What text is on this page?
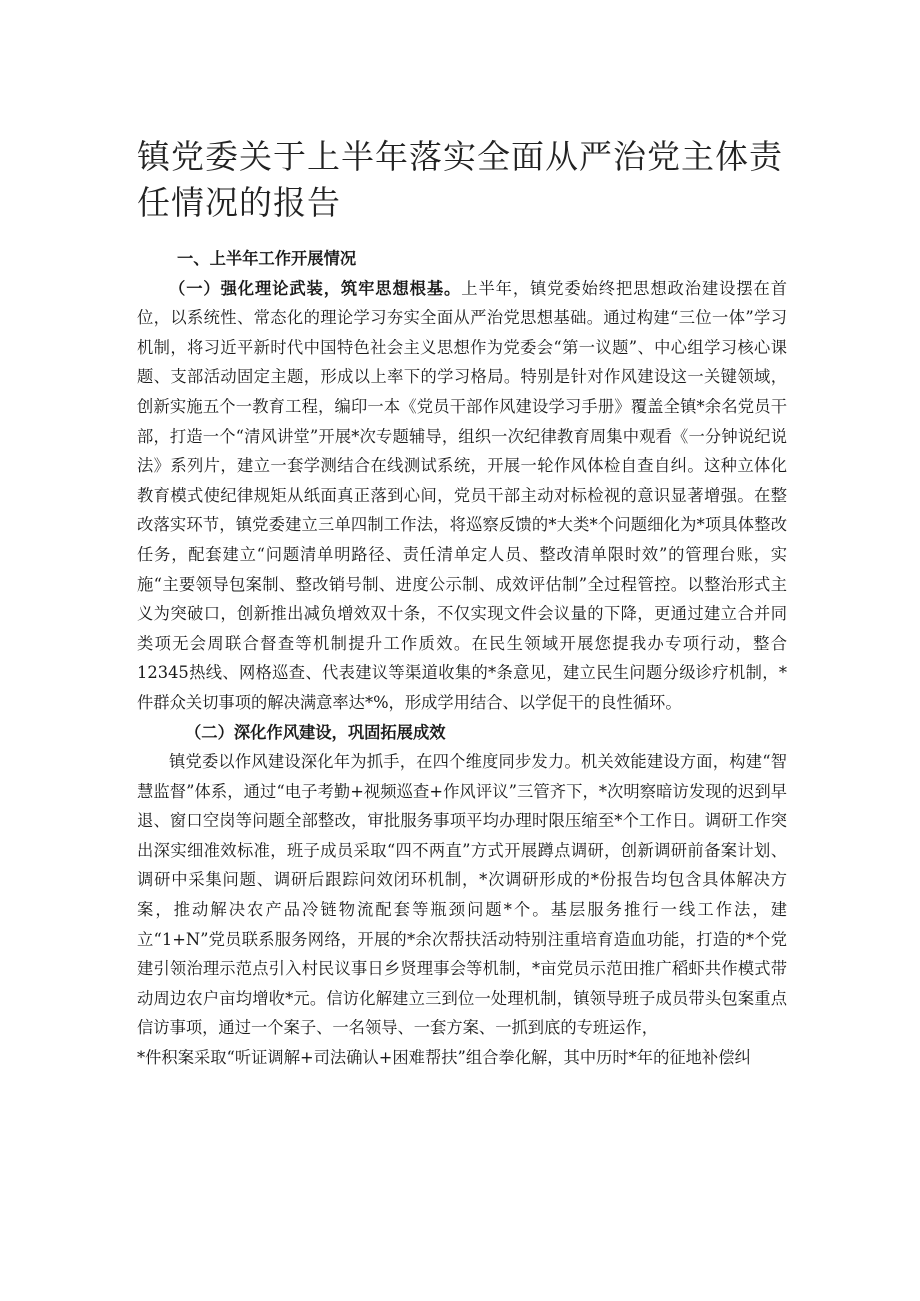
镇党委关于上半年落实全面从严治党主体责任情况的报告

一、上半年工作开展情况

（一）强化理论武装，筑牢思想根基。上半年，镇党委始终把思想政治建设摆在首位，以系统性、常态化的理论学习夯实全面从严治党思想基础。通过构建“三位一体”学习机制，将习近平新时代中国特色社会主义思想作为党委会“第一议题”、中心组学习核心课题、支部活动固定主题，形成以上率下的学习格局。特别是针对作风建设这一关键领域，创新实施五个一教育工程，编印一本《党员干部作风建设学习手册》覆盖全镇*余名党员干部，打造一个“清风讲堂”开展*次专题辅导，组织一次纪律教育周集中观看《一分钟说纪说法》系列片，建立一套学测结合在线测试系统，开展一轮作风体检自查自纠。这种立体化教育模式使纪律规矩从纸面真正落到心间，党员干部主动对标检视的意识显著增强。在整改落实环节，镇党委建立三单四制工作法，将巡察反馈的*大类*个问题细化为*项具体整改任务，配套建立“问题清单明路径、责任清单定人员、整改清单限时效”的管理台账，实施“主要领导包案制、整改销号制、进度公示制、成效评估制”全过程管控。以整治形式主义为突破口，创新推出减负增效双十条，不仅实现文件会议量的下降，更通过建立合并同类项无会周联合督查等机制提升工作质效。在民生领域开展您提我办专项行动，整合12345热线、网格巡查、代表建议等渠道收集的*条意见，建立民生问题分级诊疗机制，*件群众关切事项的解决满意率达*%，形成学用结合、以学促干的良性循环。

（二）深化作风建设，巩固拓展成效

镇党委以作风建设深化年为抓手，在四个维度同步发力。机关效能建设方面，构建“智慧监督”体系，通过“电子考勤+视频巡查+作风评议”三管齐下，*次明察暗访发现的迟到早退、窗口空岗等问题全部整改，审批服务事项平均办理时限压缩至*个工作日。调研工作突出深实细准效标准，班子成员采取“四不两直”方式开展蹲点调研，创新调研前备案计划、调研中采集问题、调研后跟踪问效闭环机制，*次调研形成的*份报告均包含具体解决方案，推动解决农产品冷链物流配套等瓶颈问题*个。基层服务推行一线工作法，建立“1+N”党员联系服务网络，开展的*余次帮扶活动特别注重培育造血功能，打造的*个党建引领治理示范点引入村民议事日乡贤理事会等机制，*亩党员示范田推广稻虾共作模式带动周边农户亩均增收*元。信访化解建立三到位一处理机制，镇领导班子成员带头包案重点信访事项，通过一个案子、一名领导、一套方案、一抓到底的专班运作，

*件积案采取“听证调解+司法确认+困难帮扶”组合拳化解，其中历时*年的征地补偿纠
